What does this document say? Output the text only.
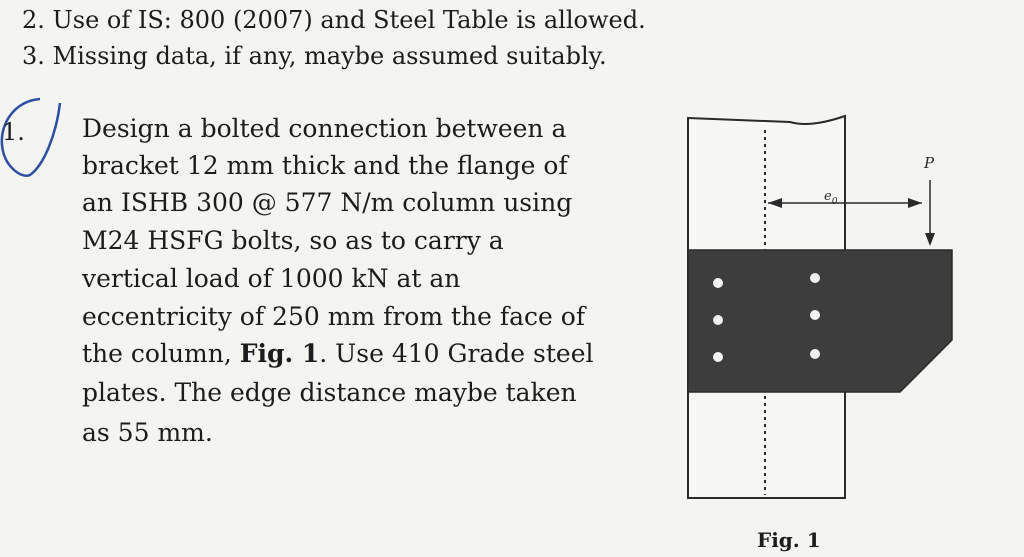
2. Use of IS: 800 (2007) and Steel Table is allowed.
3. Missing data, if any, maybe assumed suitably.
1. Design a bolted connection between a
bracket 12 mm thick and the flange of
an ISHB 300 @ 577 N/m column using
M24 HSFG bolts, so as to carry a
vertical load of 1000 kN at an
eccentricity of 250 mm from the face of
the column, Fig. 1. Use 410 Grade steel
plates. The edge distance maybe taken
as 55 mm.
$e_0$
P
Fig. 1
